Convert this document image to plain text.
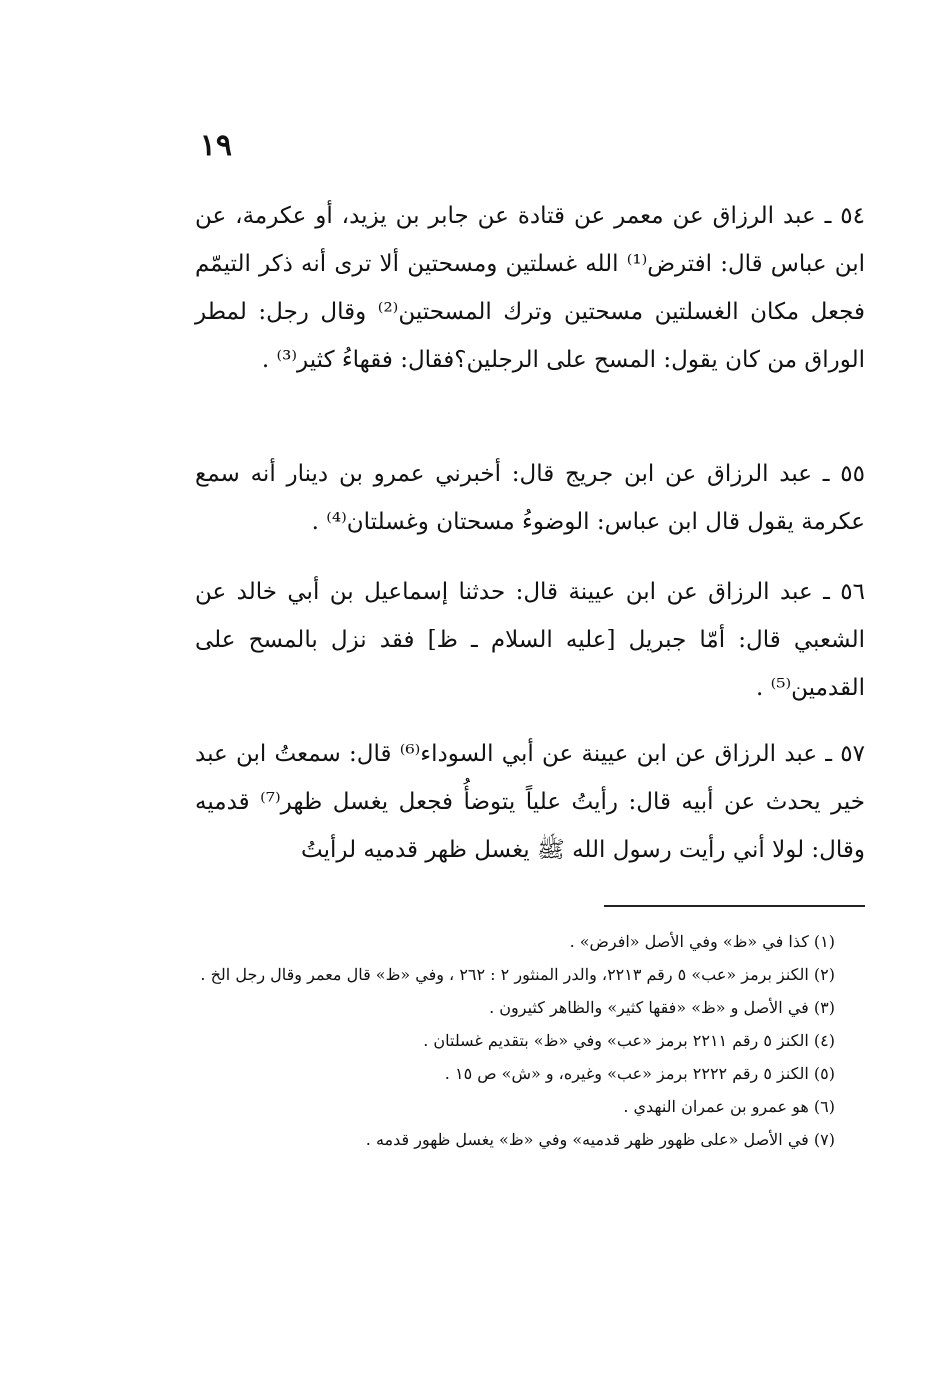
١٩

٥٤ ـ عبد الرزاق عن معمر عن قتادة عن جابر بن يزيد، أو عكرمة، عن ابن عباس قال: افترض⁽¹⁾ الله غسلتين ومسحتين ألا ترى أنه ذكر التيمّم فجعل مكان الغسلتين مسحتين وترك المسحتين⁽²⁾ وقال رجل: لمطر الوراق من كان يقول: المسح على الرجلين؟فقال: فقهاءُ كثير⁽³⁾ .

٥٥ ـ عبد الرزاق عن ابن جريج قال: أخبرني عمرو بن دينار أنه سمع عكرمة يقول قال ابن عباس: الوضوءُ مسحتان وغسلتان⁽⁴⁾ .

٥٦ ـ عبد الرزاق عن ابن عيينة قال: حدثنا إسماعيل بن أبي خالد عن الشعبي قال: أمّا جبريل [عليه السلام ـ ظ] فقد نزل بالمسح على القدمين⁽⁵⁾ .

٥٧ ـ عبد الرزاق عن ابن عيينة عن أبي السوداء⁽⁶⁾ قال: سمعتُ ابن عبد خير يحدث عن أبيه قال: رأيتُ علياً يتوضأُ فجعل يغسل ظهر⁽⁷⁾ قدميه وقال: لولا أني رأيت رسول الله ﷺ يغسل ظهر قدميه لرأيتُ

(١) كذا في «ظ» وفي الأصل «افرض» .

(٢) الكنز برمز «عب» ٥ رقم ٢٢١٣، والدر المنثور ٢ : ٢٦٢ ، وفي «ظ» قال معمر وقال رجل الخ .

(٣) في الأصل و «ظ» «فقها كثير» والظاهر كثيرون .

(٤) الكنز ٥ رقم ٢٢١١ برمز «عب» وفي «ظ» بتقديم غسلتان .

(٥) الكنز ٥ رقم ٢٢٢٢ برمز «عب» وغيره، و «ش» ص ١٥ .

(٦) هو عمرو بن عمران النهدي .

(٧) في الأصل «على ظهور ظهر قدميه» وفي «ظ» يغسل ظهور قدمه .
